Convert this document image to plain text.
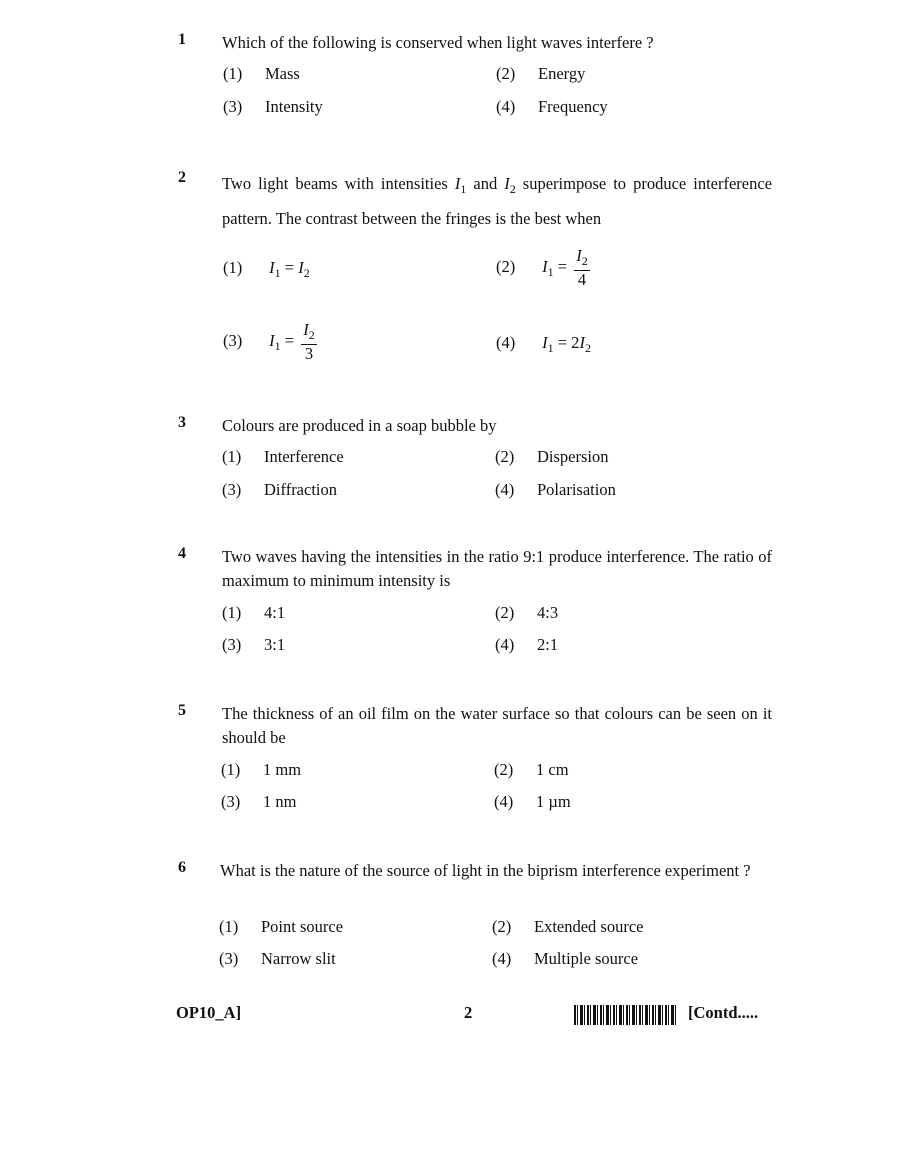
1 Which of the following is conserved when light waves interfere ?
(1) Mass	(2) Energy
(3) Intensity	(4) Frequency
2 Two light beams with intensities $I_1$ and $I_2$ superimpose to produce interference pattern. The contrast between the fringes is the best when
(1) $I_1 = I_2$	(2) $I_1 = \frac{I_2}{4}$
(3) $I_1 = \frac{I_2}{3}$	(4) $I_1 = 2I_2$
3 Colours are produced in a soap bubble by
(1) Interference	(2) Dispersion
(3) Diffraction	(4) Polarisation
4 Two waves having the intensities in the ratio 9:1 produce interference. The ratio of maximum to minimum intensity is
(1) 4:1	(2) 4:3
(3) 3:1	(4) 2:1
5 The thickness of an oil film on the water surface so that colours can be seen on it should be
(1) 1 mm	(2) 1 cm
(3) 1 nm	(4) 1 µm
6 What is the nature of the source of light in the biprism interference experiment ?
(1) Point source	(2) Extended source
(3) Narrow slit	(4) Multiple source
OP10_A]	2	[Contd.....
